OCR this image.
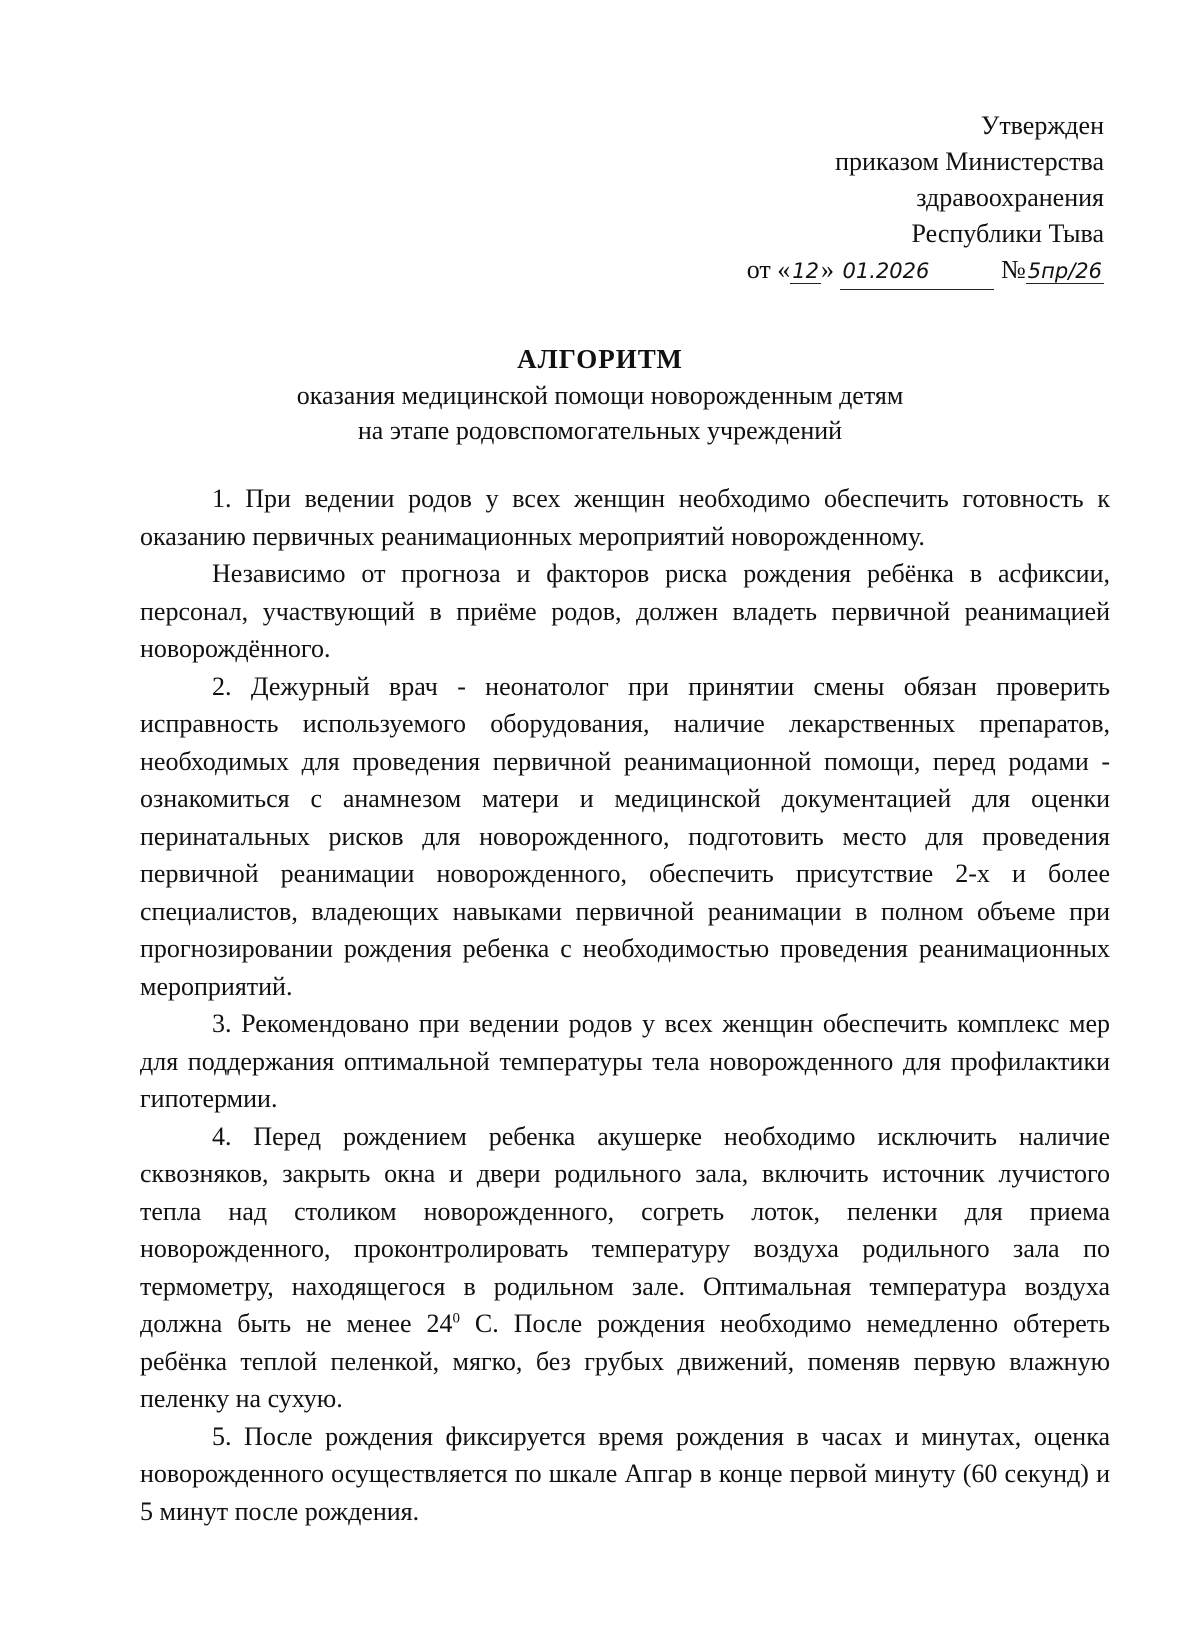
Утвержден
приказом Министерства
здравоохранения
Республики Тыва
от «12» 01.2026	№5пр/26
АЛГОРИТМ
оказания медицинской помощи новорожденным детям
на этапе родовспомогательных учреждений

1. При ведении родов у всех женщин необходимо обеспечить готовность к оказанию первичных реанимационных мероприятий новорожденному.

Независимо от прогноза и факторов риска рождения ребёнка в асфиксии, персонал, участвующий в приёме родов, должен владеть первичной реанимацией новорождённого.

2. Дежурный врач - неонатолог при принятии смены обязан проверить исправность используемого оборудования, наличие лекарственных препаратов, необходимых для проведения первичной реанимационной помощи, перед родами - ознакомиться с анамнезом матери и медицинской документацией для оценки перинатальных рисков для новорожденного, подготовить место для проведения первичной реанимации новорожденного, обеспечить присутствие 2-х и более специалистов, владеющих навыками первичной реанимации в полном объеме при прогнозировании рождения ребенка с необходимостью проведения реанимационных мероприятий.

3. Рекомендовано при ведении родов у всех женщин обеспечить комплекс мер для поддержания оптимальной температуры тела новорожденного для профилактики гипотермии.

4. Перед рождением ребенка акушерке необходимо исключить наличие сквозняков, закрыть окна и двери родильного зала, включить источник лучистого тепла над столиком новорожденного, согреть лоток, пеленки для приема новорожденного, проконтролировать температуру воздуха родильного зала по термометру, находящегося в родильном зале. Оптимальная температура воздуха должна быть не менее $24^0$ С. После рождения необходимо немедленно обтереть ребёнка теплой пеленкой, мягко, без грубых движений, поменяв первую влажную пеленку на сухую.

5. После рождения фиксируется время рождения в часах и минутах, оценка новорожденного осуществляется по шкале Апгар в конце первой минуту (60 секунд) и 5 минут после рождения.
